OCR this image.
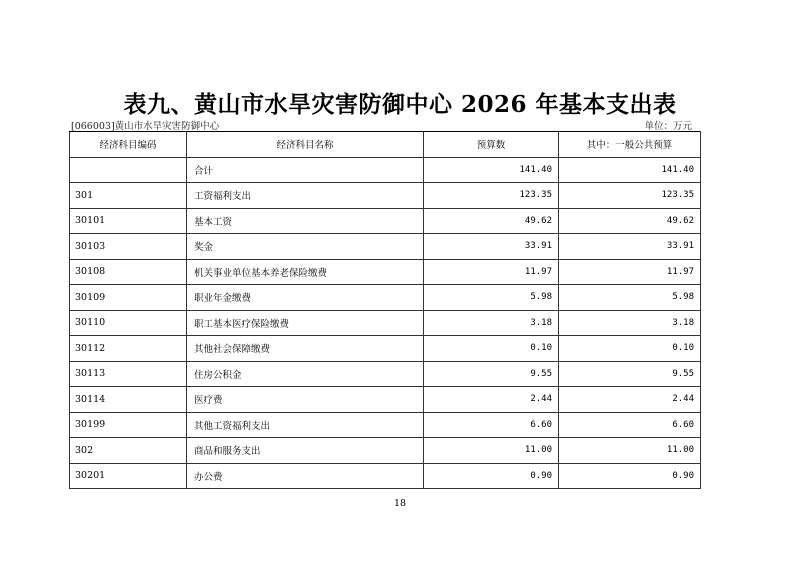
表九、黄山市水旱灾害防御中心 2026 年基本支出表
[066003]黄山市水旱灾害防御中心	单位：万元
经济科目编码	经济科目名称	预算数	其中：一般公共预算
	合计	141.40	141.40
301	工资福利支出	123.35	123.35
30101	基本工资	49.62	49.62
30103	奖金	33.91	33.91
30108	机关事业单位基本养老保险缴费	11.97	11.97
30109	职业年金缴费	5.98	5.98
30110	职工基本医疗保险缴费	3.18	3.18
30112	其他社会保障缴费	0.10	0.10
30113	住房公积金	9.55	9.55
30114	医疗费	2.44	2.44
30199	其他工资福利支出	6.60	6.60
302	商品和服务支出	11.00	11.00
30201	办公费	0.90	0.90
18
